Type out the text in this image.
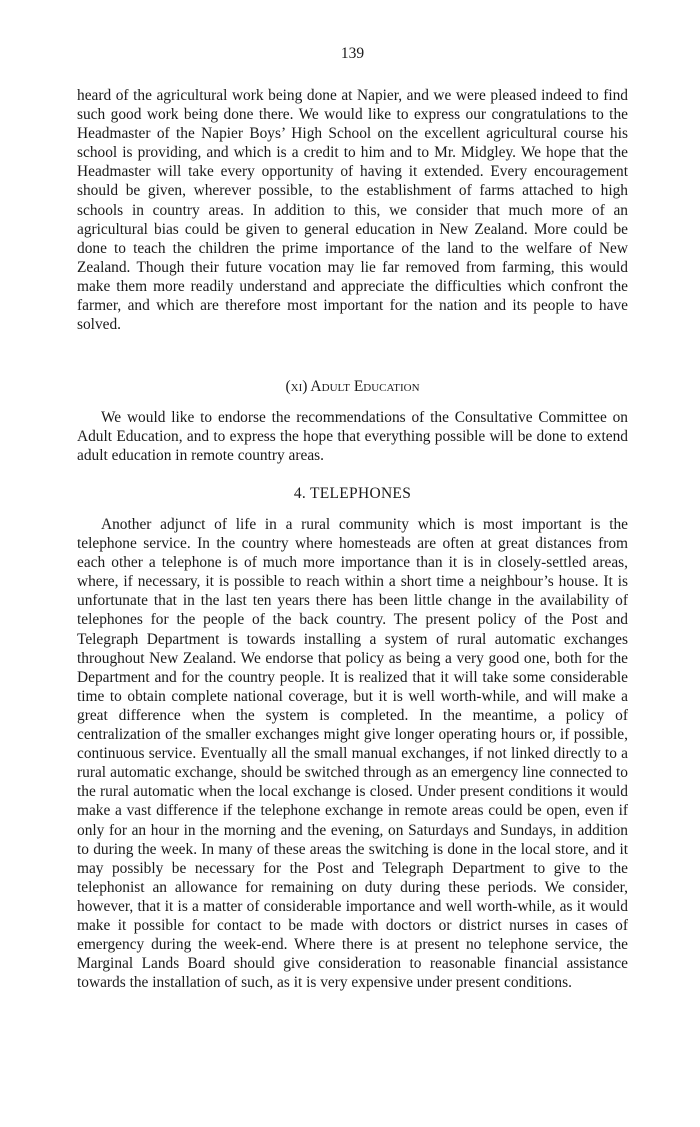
139

heard of the agricultural work being done at Napier, and we were pleased indeed to find such good work being done there. We would like to express our congratulations to the Headmaster of the Napier Boys’ High School on the excellent agricultural course his school is providing, and which is a credit to him and to Mr. Midgley. We hope that the Headmaster will take every opportunity of having it extended. Every encouragement should be given, wherever possible, to the establishment of farms attached to high schools in country areas. In addition to this, we consider that much more of an agricultural bias could be given to general education in New Zealand. More could be done to teach the children the prime importance of the land to the welfare of New Zealand. Though their future vocation may lie far removed from farming, this would make them more readily understand and appreciate the difficulties which confront the farmer, and which are therefore most important for the nation and its people to have solved.

(xi) Adult Education

We would like to endorse the recommendations of the Consultative Committee on Adult Education, and to express the hope that everything possible will be done to extend adult education in remote country areas.

4. TELEPHONES

Another adjunct of life in a rural community which is most important is the telephone service. In the country where homesteads are often at great distances from each other a telephone is of much more importance than it is in closely-settled areas, where, if necessary, it is possible to reach within a short time a neighbour’s house. It is unfortunate that in the last ten years there has been little change in the availability of telephones for the people of the back country. The present policy of the Post and Telegraph Department is towards installing a system of rural automatic exchanges throughout New Zealand. We endorse that policy as being a very good one, both for the Department and for the country people. It is realized that it will take some considerable time to obtain complete national coverage, but it is well worth-while, and will make a great difference when the system is completed. In the meantime, a policy of centralization of the smaller exchanges might give longer operating hours or, if possible, continuous service. Eventually all the small manual exchanges, if not linked directly to a rural automatic exchange, should be switched through as an emergency line connected to the rural automatic when the local exchange is closed. Under present conditions it would make a vast difference if the telephone exchange in remote areas could be open, even if only for an hour in the morning and the evening, on Saturdays and Sundays, in addition to during the week. In many of these areas the switching is done in the local store, and it may possibly be necessary for the Post and Telegraph Department to give to the telephonist an allowance for remaining on duty during these periods. We consider, however, that it is a matter of considerable importance and well worth-while, as it would make it possible for contact to be made with doctors or district nurses in cases of emergency during the week-end. Where there is at present no telephone service, the Marginal Lands Board should give consideration to reasonable financial assistance towards the installation of such, as it is very expensive under present conditions.
